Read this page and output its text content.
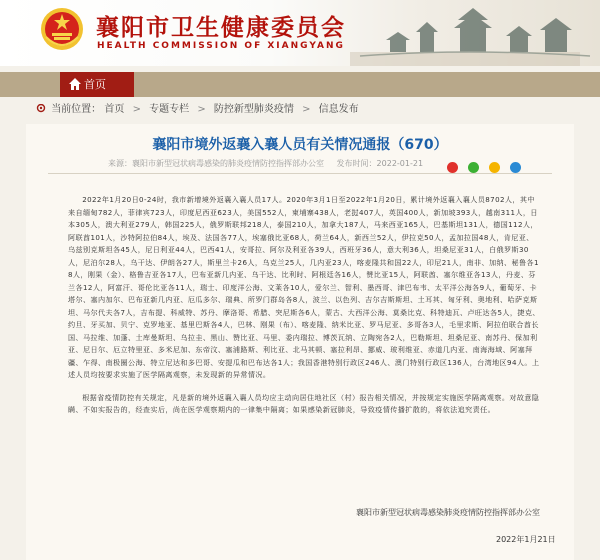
襄阳市卫生健康委员会
HEALTH COMMISSION OF XIANGYANG
首页
当前位置： 首页 > 专题专栏 > 防控新型肺炎疫情 > 信息发布
襄阳市境外返襄入襄人员有关情况通报（670）
来源：襄阳市新型冠状病毒感染的肺炎疫情防控指挥部办公室 发布时间：2022-01-21

2022年1月20日0-24时，我市新增境外返襄入襄人员17人。2020年3月1日至2022年1月20日，累计境外返襄入襄人员8702人，其中来自缅甸782人，菲律宾723人，印度尼西亚623人，美国552人，柬埔寨438人，老挝407人，英国400人，新加坡393人，越南311人，日本305人，澳大利亚279人，韩国225人，俄罗斯联邦218人，泰国210人，加拿大187人，马来西亚165人，巴基斯坦131人，德国112人，阿联酋101人，沙特阿拉伯84人，埃及、法国各77人，埃塞俄比亚68人，荷兰64人，新西兰52人，伊拉克50人，孟加拉国48人，肯尼亚、乌兹别克斯坦各45人，尼日利亚44人，巴西41人，安哥拉、阿尔及利亚各39人，西班牙36人，意大利36人，坦桑尼亚31人，白俄罗斯30人，尼泊尔28人，乌干达、伊朗各27人，斯里兰卡26人，乌克兰25人，几内亚23人，喀麦隆共和国22人，印尼21人，南非、加纳、秘鲁各18人，刚果（金）、格鲁吉亚各17人，巴布亚新几内亚、乌干达、比利时、阿根廷各16人，赞比亚15人，阿联酋、塞尔维亚各13人，丹麦、芬兰各12人，阿富汗、哥伦比亚各11人，瑞士、印度洋公海、文莱各10人，爱尔兰、智利、墨西哥、津巴布韦、太平洋公海各9人，葡萄牙、卡塔尔、塞内加尔、巴布亚新几内亚、厄瓜多尔、瑞典、所罗门群岛各8人，波兰、以色列、吉尔吉斯斯坦、土耳其、匈牙利、奥地利、哈萨克斯坦、马尔代夫各7人，吉布提、科威特、苏丹、摩洛哥、希腊、突尼斯各6人，蒙古、大西洋公海、莫桑比克、科特迪瓦、卢旺达各5人，捷克、约旦、牙买加、贝宁、克罗地亚、基里巴斯各4人，巴林、刚果（布）、喀麦隆、纳米比亚、罗马尼亚、多哥各3人，毛里求斯、阿拉伯联合酋长国、马拉维、加蓬、土库曼斯坦、乌拉圭、黑山、赞比亚、马里、委内瑞拉、博茨瓦纳、立陶宛各2人，巴勒斯坦、坦桑尼亚、南苏丹、保加利亚、尼日尔、厄立特里亚、多米尼加、东帝汶、塞浦路斯、利比亚、北马其顿、塞拉利昂、挪威、玻利维亚、赤道几内亚、南海海域、阿塞拜疆、乍得、南极圈公海、特立尼达和多巴哥、安提瓜和巴布达各1人；我国香港特别行政区246人、澳门特别行政区136人，台湾地区94人。上述人员均按要求实施了医学隔离观察，未发现新的异常情况。

根据省疫情防控有关规定，凡是新的境外返襄入襄人员均应主动向居住地社区（村）报告相关情况，并按规定实施医学隔离观察。对故意隐瞒、不如实报告的，经查实后，尚在医学观察期内的一律集中隔离；如果感染新冠肺炎，导致疫情传播扩散的，将依法追究责任。

襄阳市新型冠状病毒感染肺炎疫情防控指挥部办公室
2022年1月21日
